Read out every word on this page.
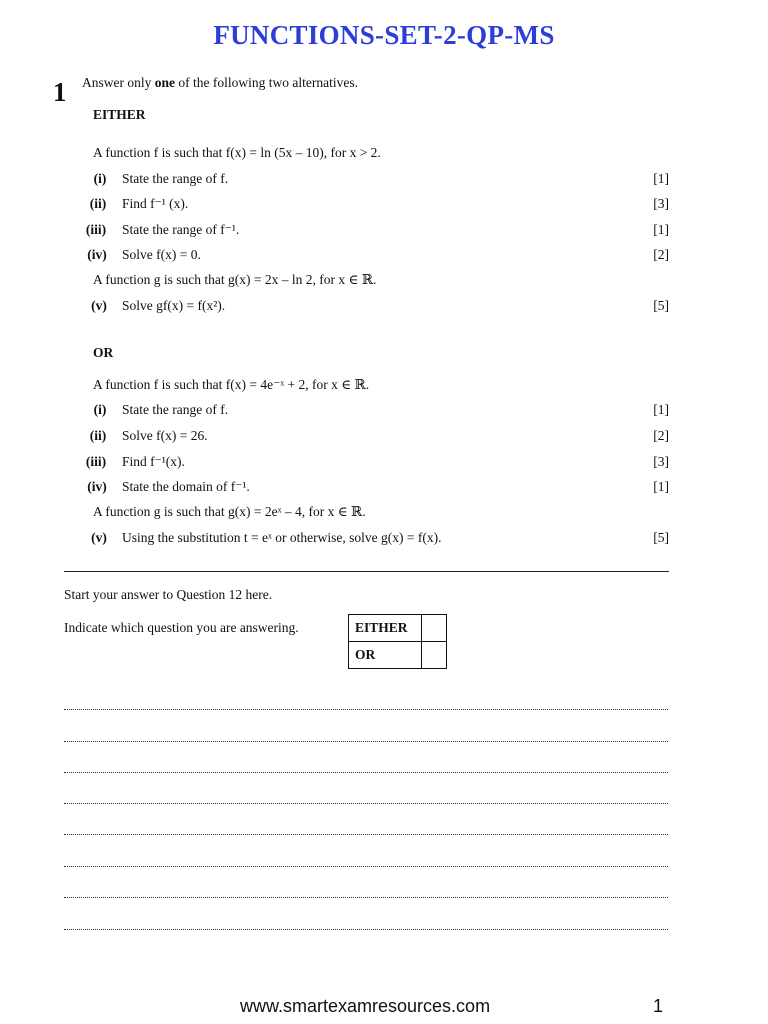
FUNCTIONS-SET-2-QP-MS
1 Answer only one of the following two alternatives.
EITHER
A function f is such that f(x) = ln (5x – 10), for x > 2.
(i)	State the range of f.	[1]
(ii)	Find f⁻¹ (x).	[3]
(iii)	State the range of f⁻¹.	[1]
(iv)	Solve f(x) = 0.	[2]
A function g is such that g(x) = 2x – ln 2, for x ∈ ℝ.
(v)	Solve gf(x) = f(x²).	[5]
OR
A function f is such that f(x) = 4e⁻ˣ + 2, for x ∈ ℝ.
(i)	State the range of f.	[1]
(ii)	Solve f(x) = 26.	[2]
(iii)	Find f⁻¹(x).	[3]
(iv)	State the domain of f⁻¹.	[1]
A function g is such that g(x) = 2eˣ – 4, for x ∈ ℝ.
(v)	Using the substitution t = eˣ or otherwise, solve g(x) = f(x).	[5]
Start your answer to Question 12 here.
Indicate which question you are answering.	EITHER	
OR	
www.smartexamresources.com	1
